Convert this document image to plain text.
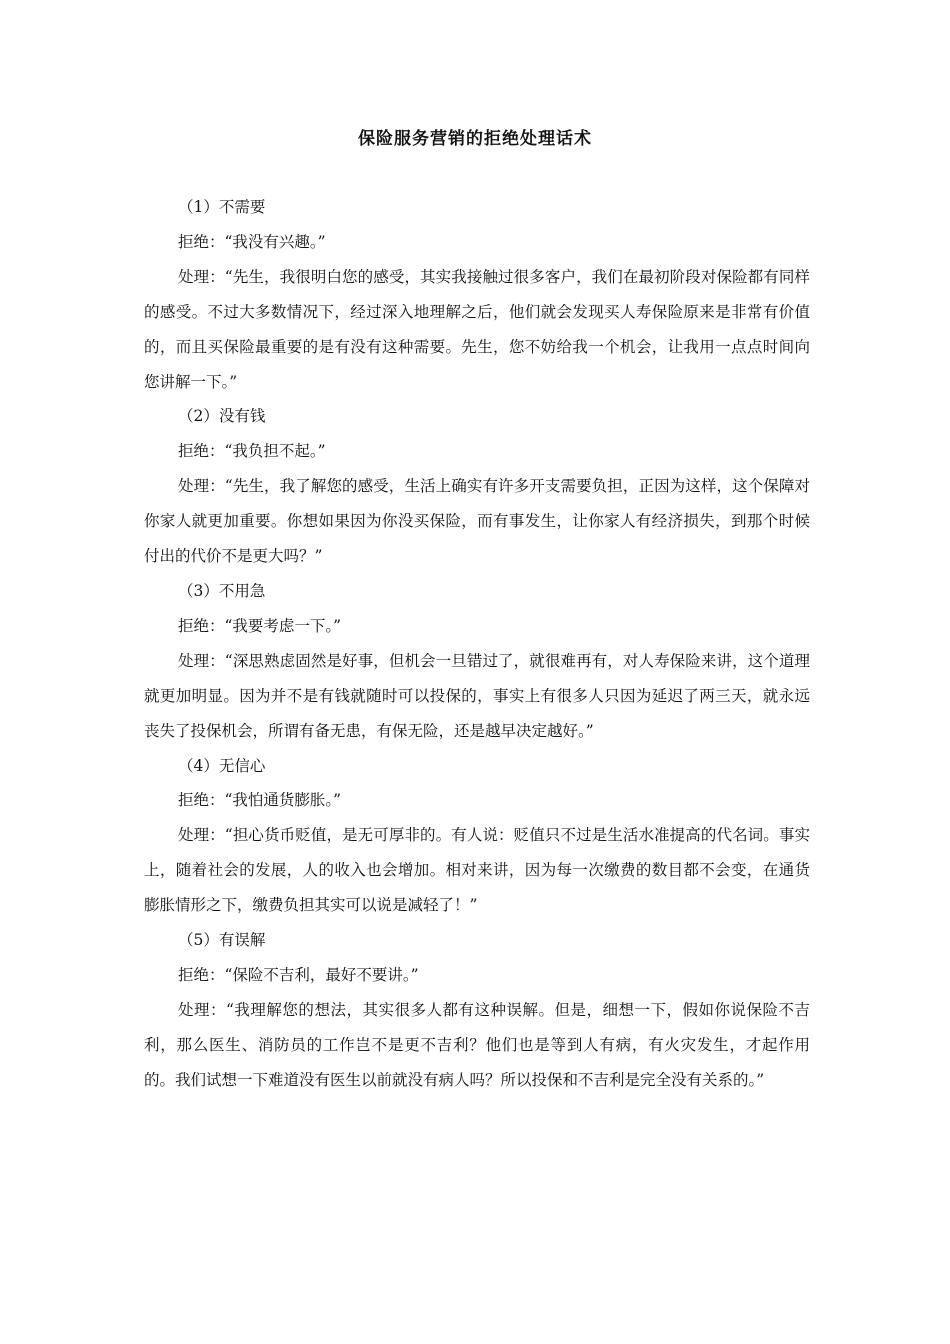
保险服务营销的拒绝处理话术
（1）不需要
拒绝：“我没有兴趣。”
处理：“先生，我很明白您的感受，其实我接触过很多客户，我们在最初阶段对保险都有同样的感受。不过大多数情况下，经过深入地理解之后，他们就会发现买人寿保险原来是非常有价值的，而且买保险最重要的是有没有这种需要。先生，您不妨给我一个机会，让我用一点点时间向您讲解一下。”
（2）没有钱
拒绝：“我负担不起。”
处理：“先生，我了解您的感受，生活上确实有许多开支需要负担，正因为这样，这个保障对你家人就更加重要。你想如果因为你没买保险，而有事发生，让你家人有经济损失，到那个时候付出的代价不是更大吗？”
（3）不用急
拒绝：“我要考虑一下。”
处理：“深思熟虑固然是好事，但机会一旦错过了，就很难再有，对人寿保险来讲，这个道理就更加明显。因为并不是有钱就随时可以投保的，事实上有很多人只因为延迟了两三天，就永远丧失了投保机会，所谓有备无患，有保无险，还是越早决定越好。”
（4）无信心
拒绝：“我怕通货膨胀。”
处理：“担心货币贬值，是无可厚非的。有人说：贬值只不过是生活水准提高的代名词。事实上，随着社会的发展，人的收入也会增加。相对来讲，因为每一次缴费的数目都不会变，在通货膨胀情形之下，缴费负担其实可以说是减轻了！”
（5）有误解
拒绝：“保险不吉利，最好不要讲。”
处理：“我理解您的想法，其实很多人都有这种误解。但是，细想一下，假如你说保险不吉利，那么医生、消防员的工作岂不是更不吉利？他们也是等到人有病，有火灾发生，才起作用的。我们试想一下难道没有医生以前就没有病人吗？所以投保和不吉利是完全没有关系的。”
